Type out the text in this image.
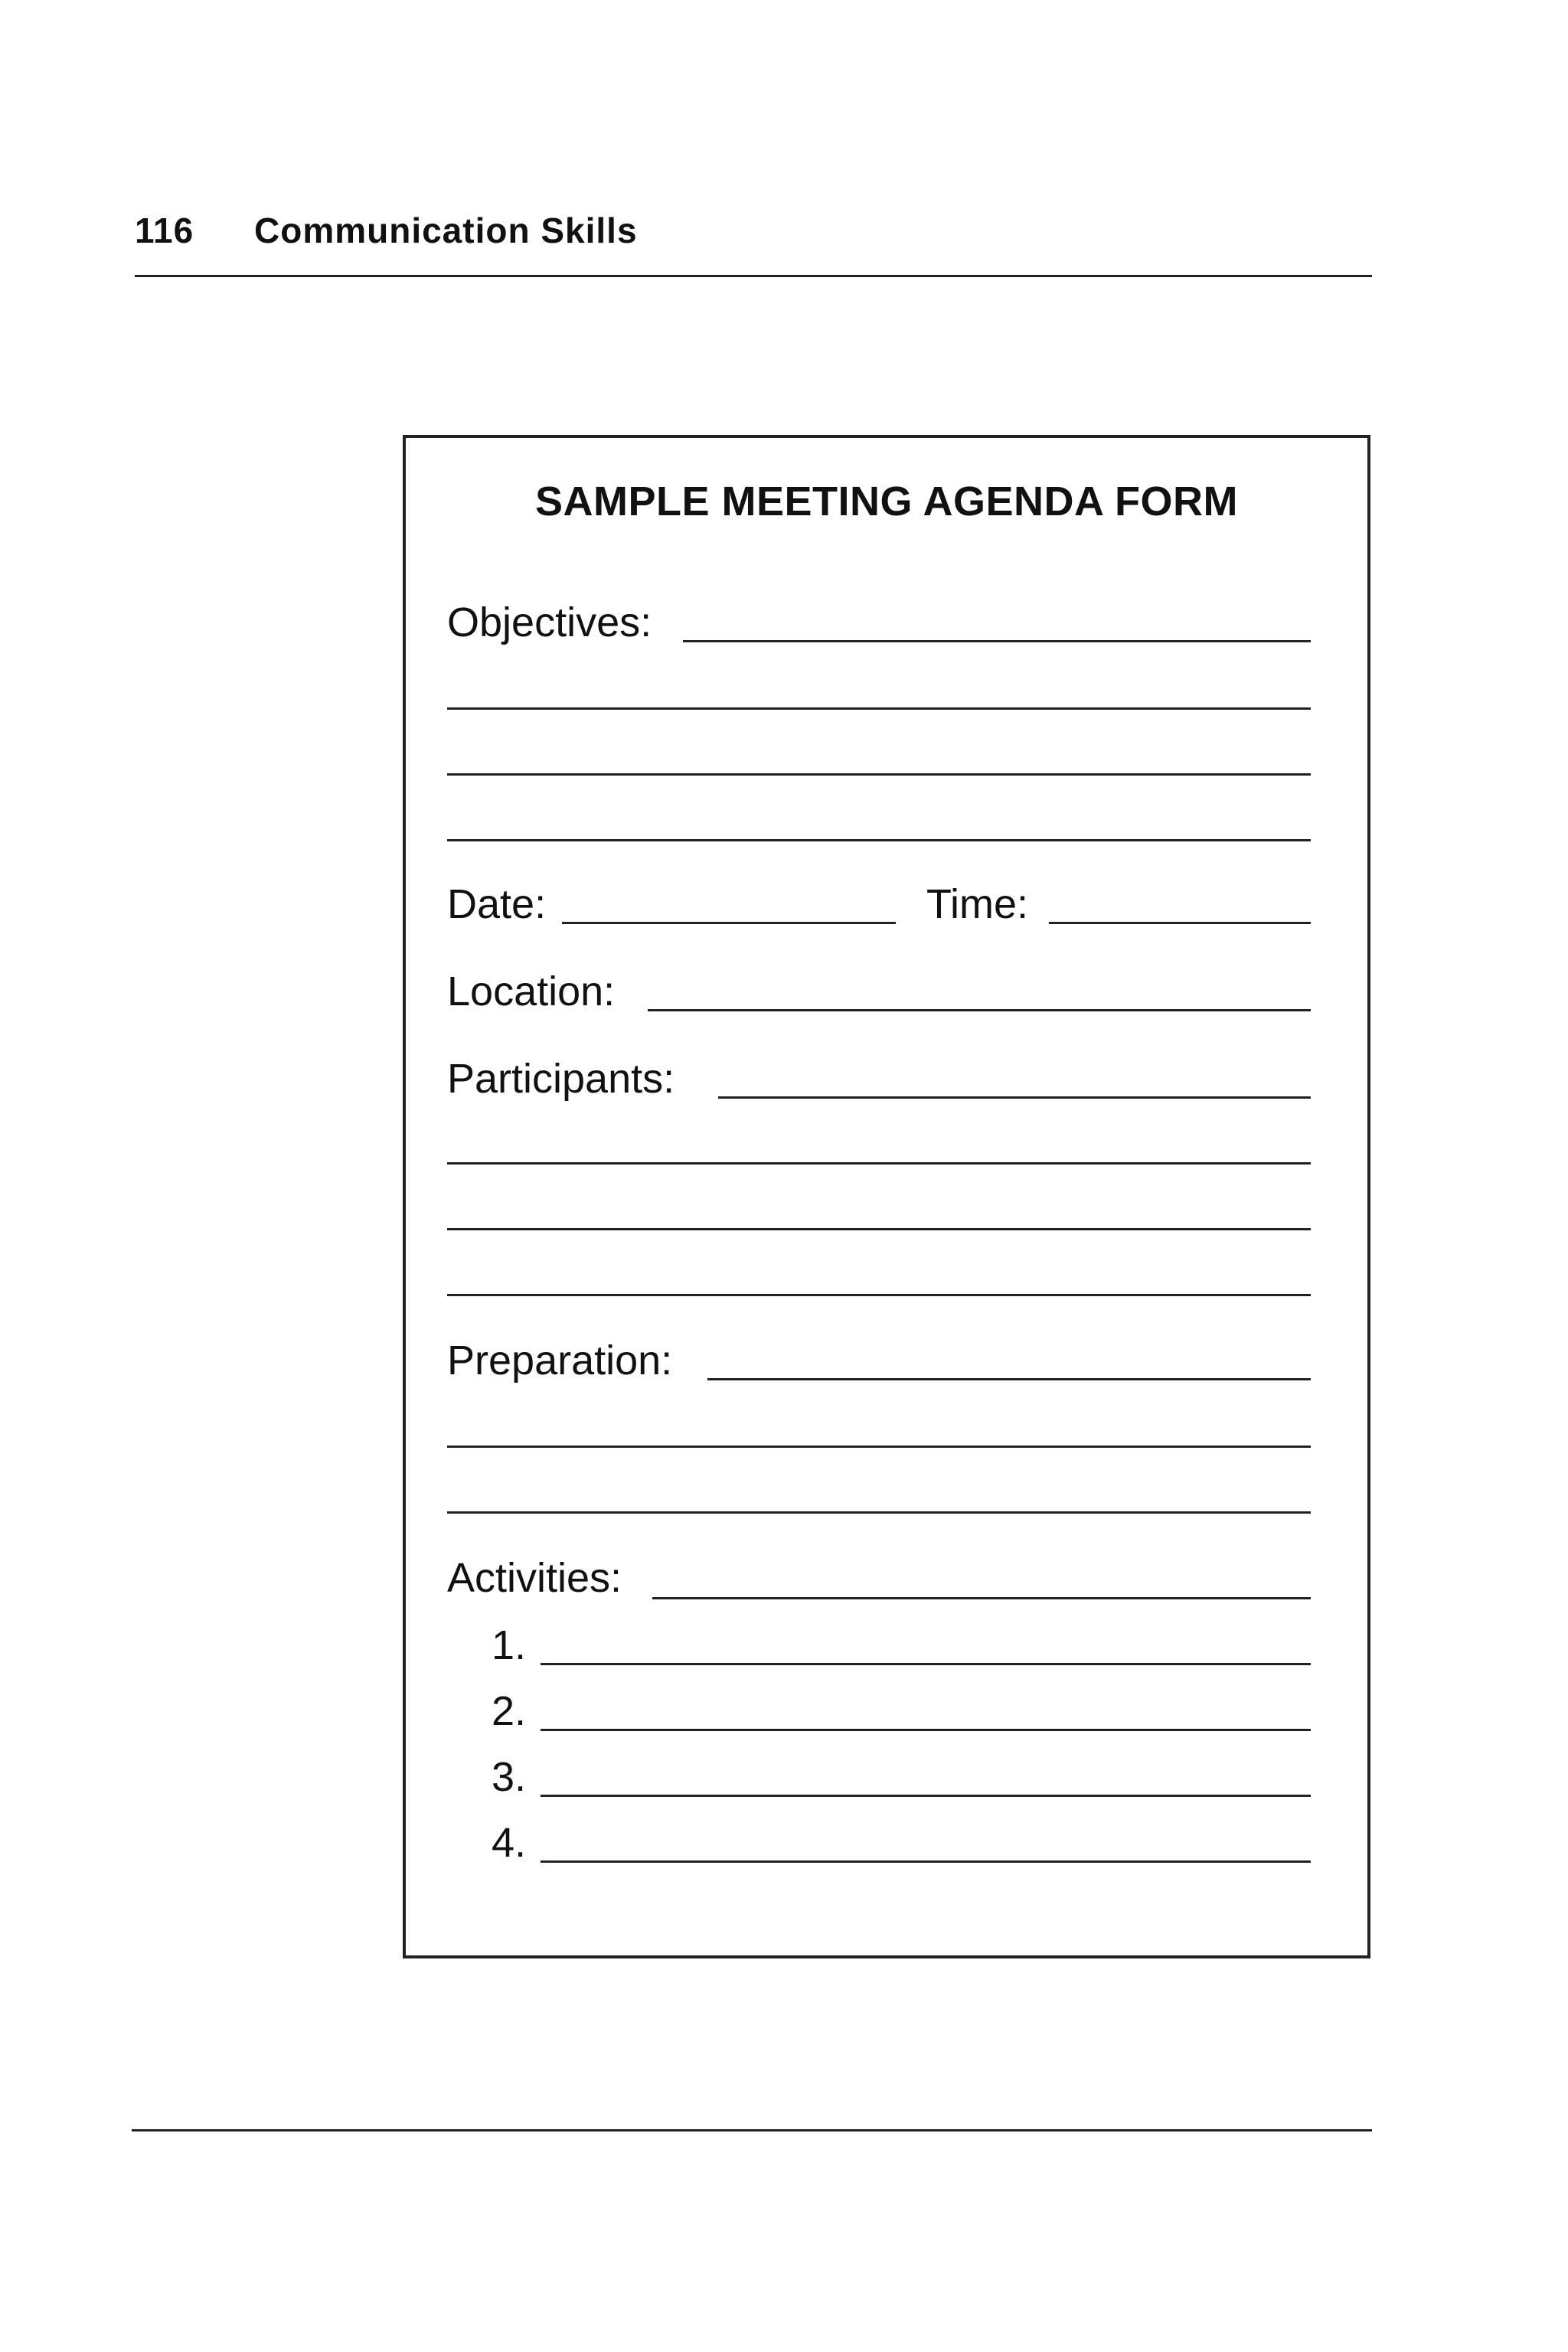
116 Communication Skills
SAMPLE MEETING AGENDA FORM
Objectives:
Date:	Time:
Location:
Participants:
Preparation:
Activities:
1.
2.
3.
4.
